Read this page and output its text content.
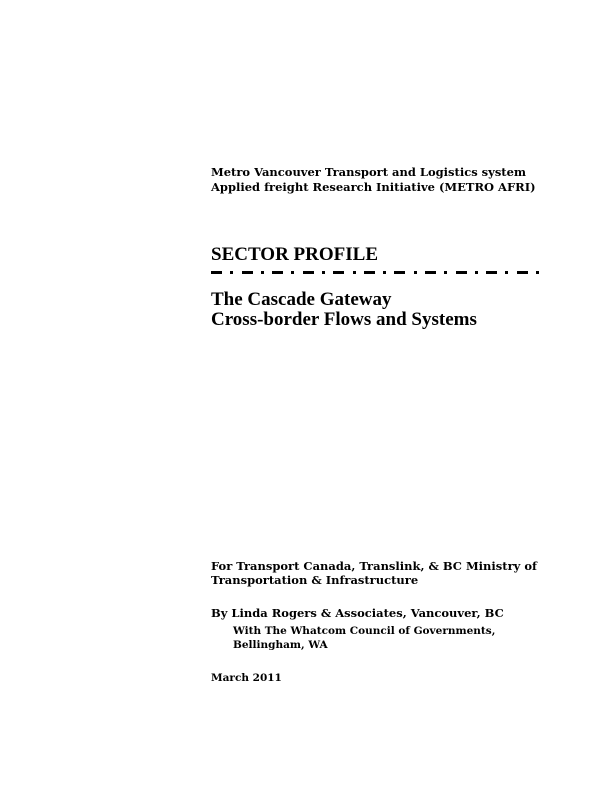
Metro Vancouver Transport and Logistics system
Applied freight Research Initiative (METRO AFRI)
SECTOR PROFILE
The Cascade Gateway
Cross-border Flows and Systems
For Transport Canada, Translink, & BC Ministry of
Transportation & Infrastructure
By Linda Rogers & Associates, Vancouver, BC
With The Whatcom Council of Governments,
Bellingham, WA
March 2011
